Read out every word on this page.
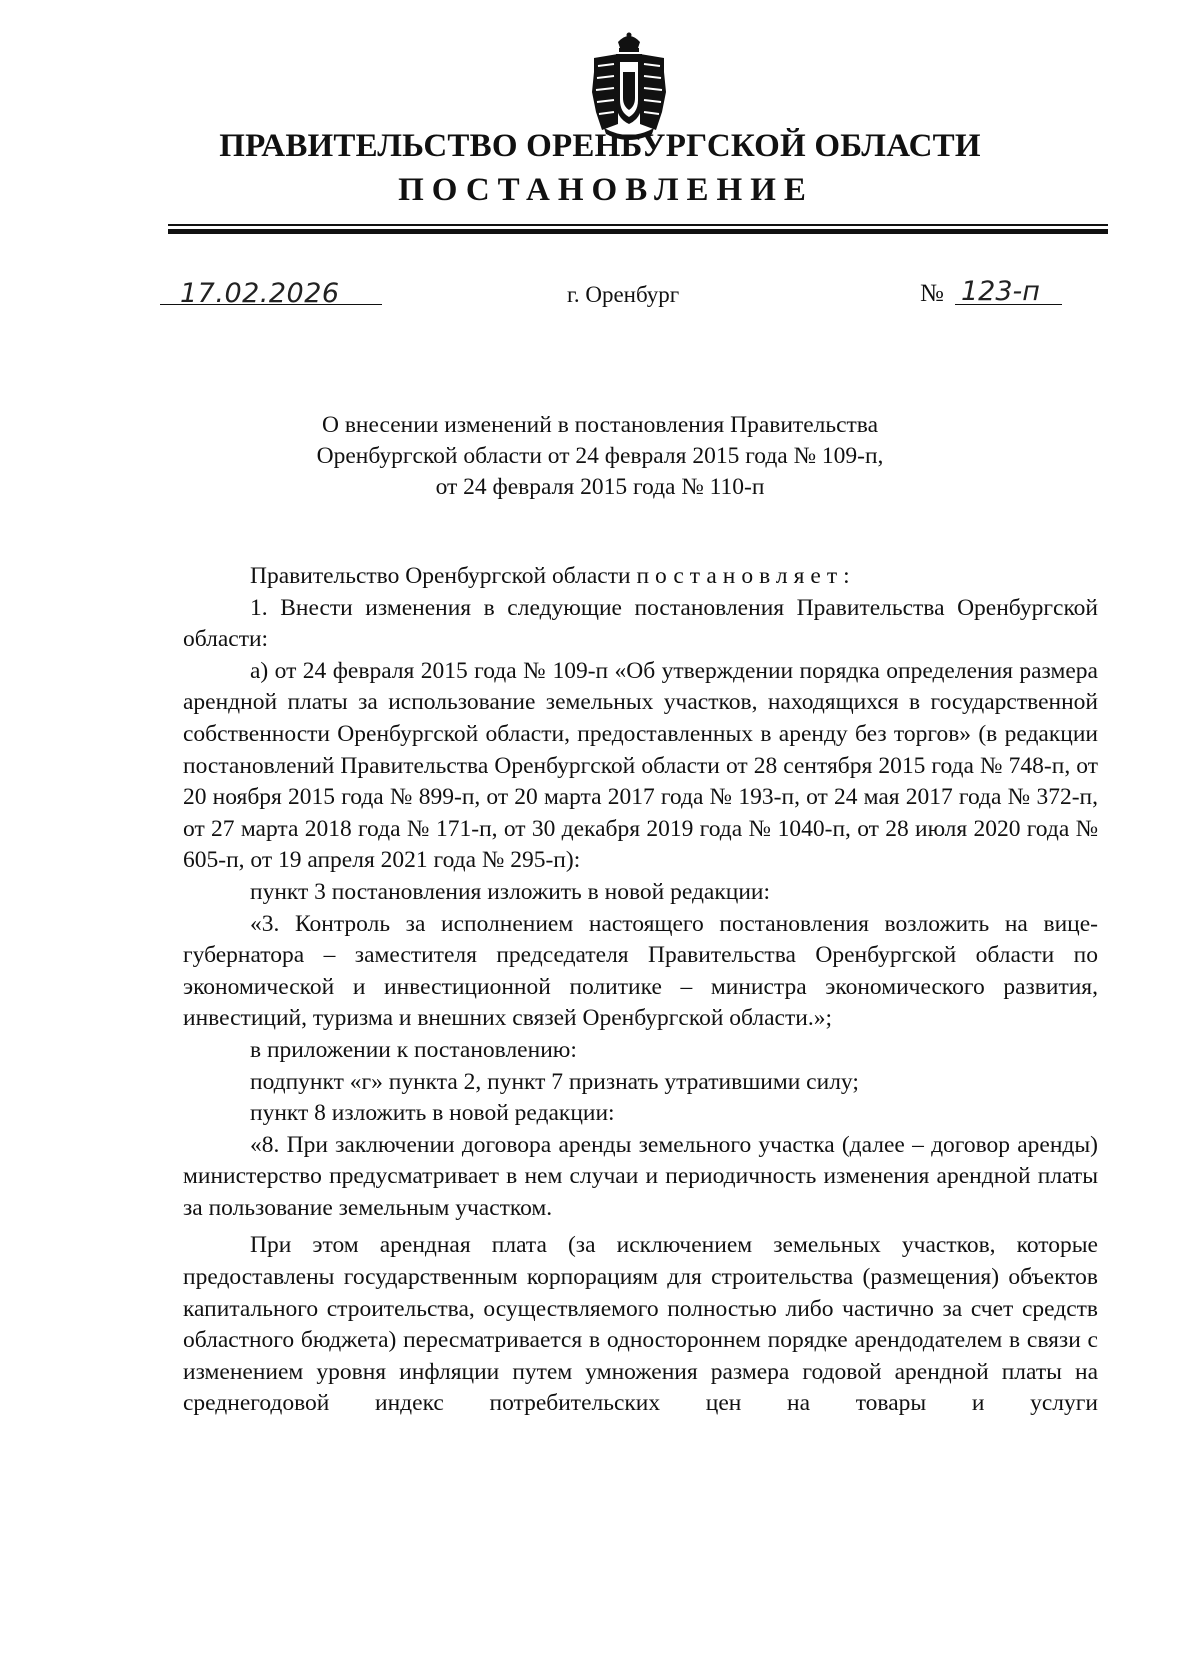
ПРАВИТЕЛЬСТВО ОРЕНБУРГСКОЙ ОБЛАСТИ
ПОСТАНОВЛЕНИЕ
17.02.2026	г. Оренбург	№ 123-п
О внесении изменений в постановления Правительства
Оренбургской области от 24 февраля 2015 года № 109-п,
от 24 февраля 2015 года № 110-п

Правительство Оренбургской области постановляет:

1. Внести изменения в следующие постановления Правительства Оренбургской области:

а) от 24 февраля 2015 года № 109-п «Об утверждении порядка определения размера арендной платы за использование земельных участков, находящихся в государственной собственности Оренбургской области, предоставленных в аренду без торгов» (в редакции постановлений Правительства Оренбургской области от 28 сентября 2015 года № 748-п, от 20 ноября 2015 года № 899-п, от 20 марта 2017 года № 193-п, от 24 мая 2017 года № 372-п, от 27 марта 2018 года № 171-п, от 30 декабря 2019 года № 1040-п, от 28 июля 2020 года № 605-п, от 19 апреля 2021 года № 295-п):

пункт 3 постановления изложить в новой редакции:

«3. Контроль за исполнением настоящего постановления возложить на вице-губернатора – заместителя председателя Правительства Оренбургской области по экономической и инвестиционной политике – министра экономического развития, инвестиций, туризма и внешних связей Оренбургской области.»;

в приложении к постановлению:

подпункт «г» пункта 2, пункт 7 признать утратившими силу;

пункт 8 изложить в новой редакции:

«8. При заключении договора аренды земельного участка (далее – договор аренды) министерство предусматривает в нем случаи и периодичность изменения арендной платы за пользование земельным участком.

При этом арендная плата (за исключением земельных участков, которые предоставлены государственным корпорациям для строительства (размещения) объектов капитального строительства, осуществляемого полностью либо частично за счет средств областного бюджета) пересматривается в одностороннем порядке арендодателем в связи с изменением уровня инфляции путем умножения размера годовой арендной платы на среднегодовой индекс потребительских цен на товары и услуги
